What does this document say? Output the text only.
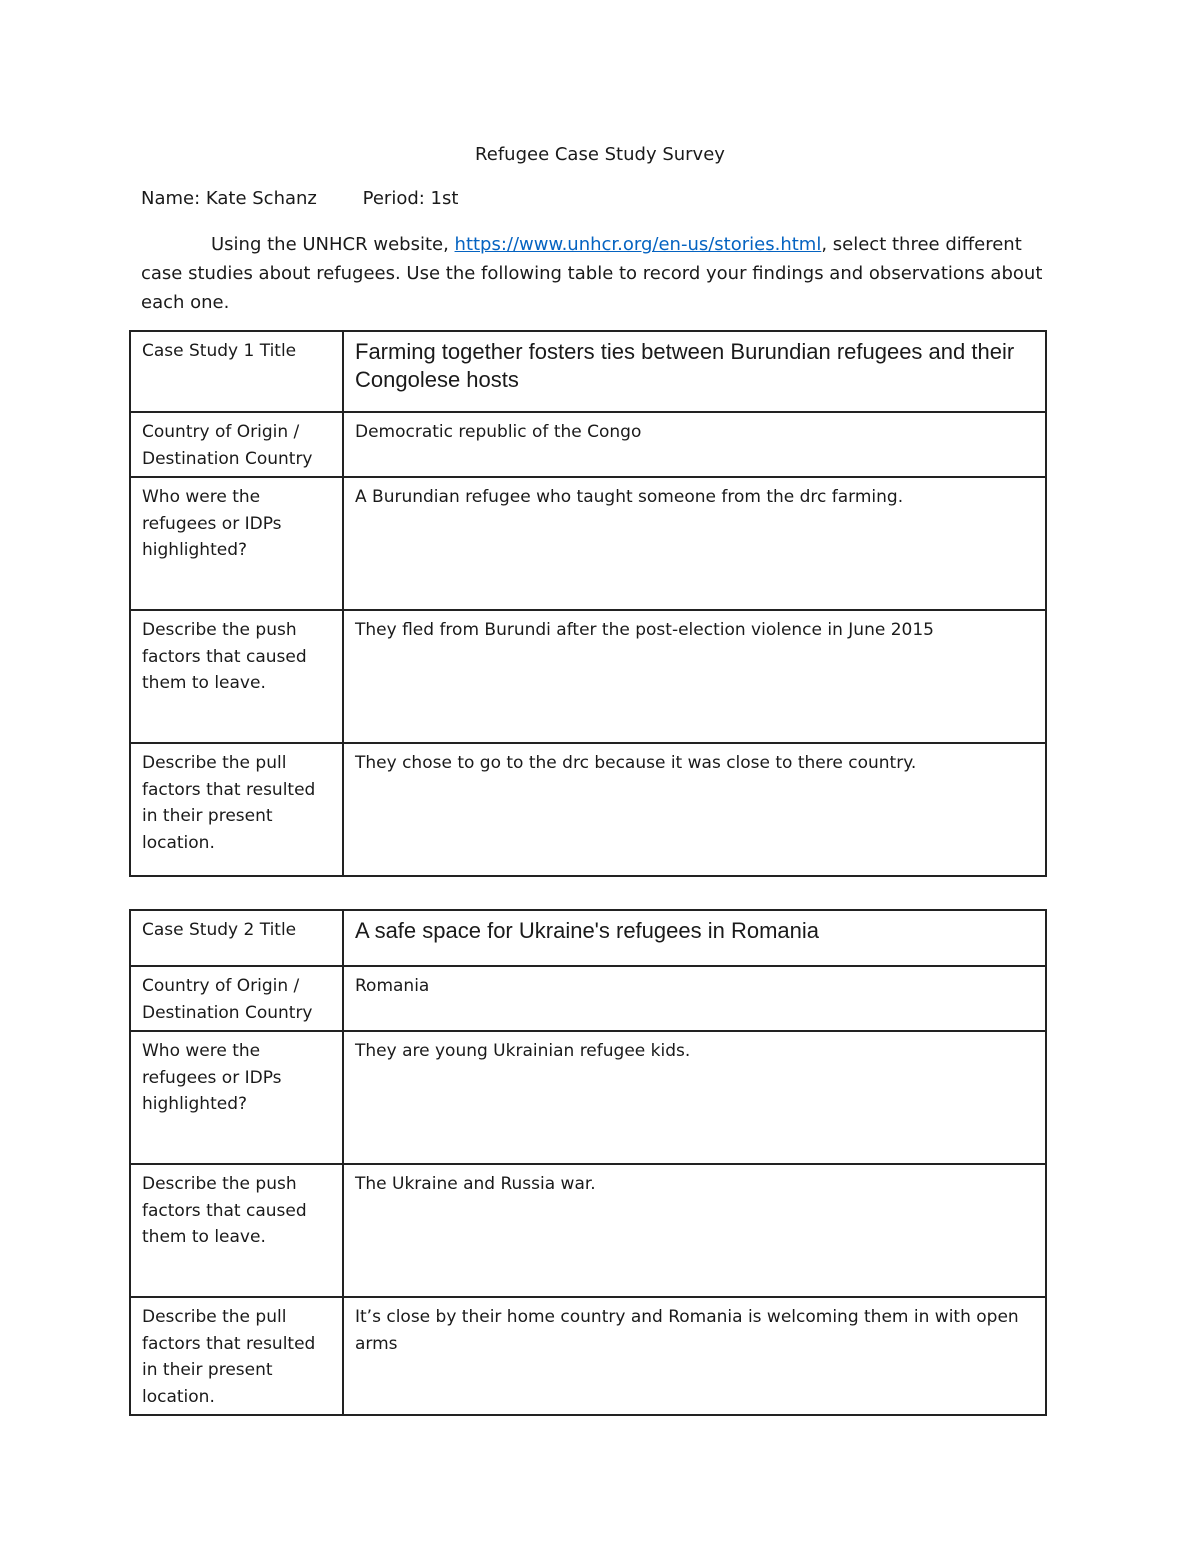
Refugee Case Study Survey
Name: Kate Schanz	Period: 1st
Using the UNHCR website, https://www.unhcr.org/en-us/stories.html, select three different case studies about refugees. Use the following table to record your findings and observations about each one.
Case Study 1 Title	Farming together fosters ties between Burundian refugees and their Congolese hosts
Country of Origin / Destination Country	Democratic republic of the Congo
Who were the refugees or IDPs highlighted?	A Burundian refugee who taught someone from the drc farming.
Describe the push factors that caused them to leave.	They fled from Burundi after the post-election violence in June 2015
Describe the pull factors that resulted in their present location.	They chose to go to the drc because it was close to there country.
Case Study 2 Title	A safe space for Ukraine's refugees in Romania
Country of Origin / Destination Country	Romania
Who were the refugees or IDPs highlighted?	They are young Ukrainian refugee kids.
Describe the push factors that caused them to leave.	The Ukraine and Russia war.
Describe the pull factors that resulted in their present location.	It’s close by their home country and Romania is welcoming them in with open arms
